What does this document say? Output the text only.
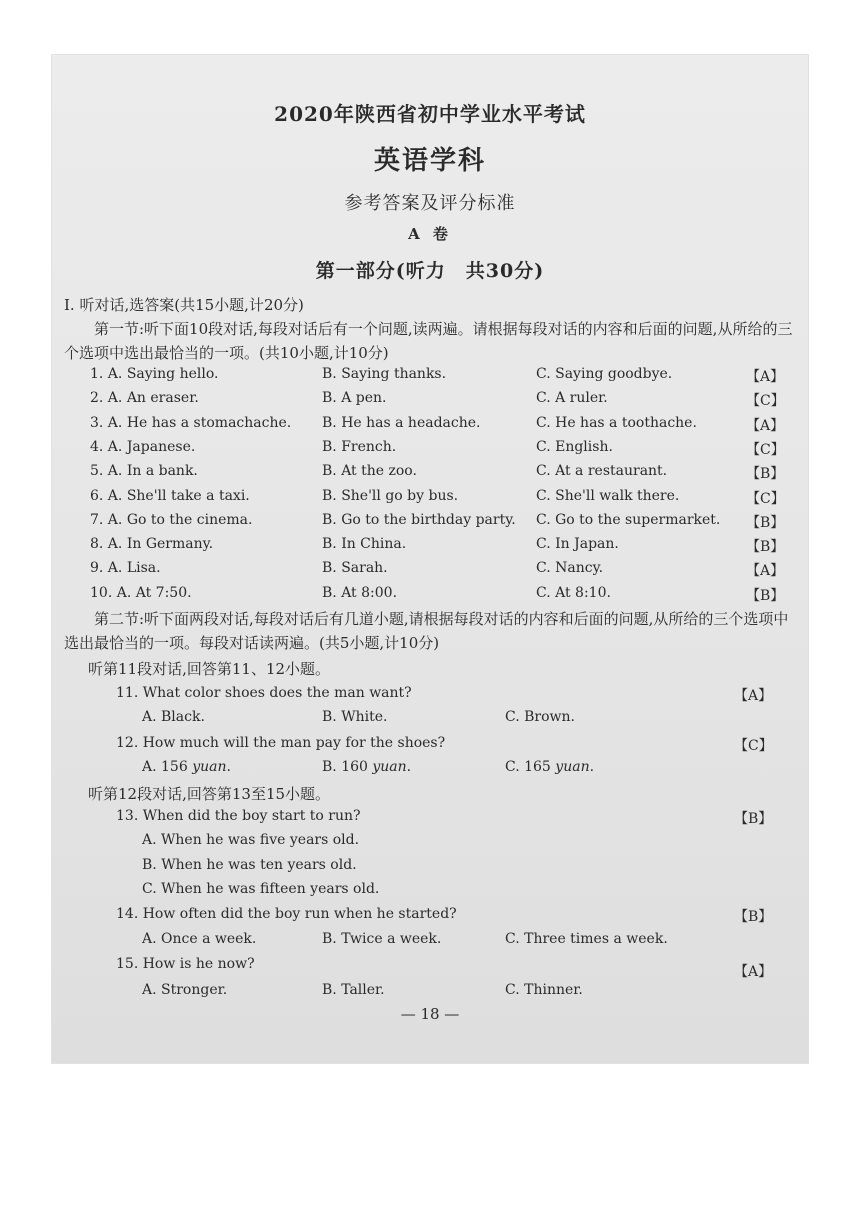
2020年陕西省初中学业水平考试
英语学科
参考答案及评分标准
A 卷
第一部分(听力　共30分)
Ⅰ. 听对话,选答案(共15小题,计20分)
第一节:听下面10段对话,每段对话后有一个问题,读两遍。请根据每段对话的内容和后面的问题,从所给的三个选项中选出最恰当的一项。(共10小题,计10分)
1. A. Saying hello.	B. Saying thanks.	C. Saying goodbye.	【A】
2. A. An eraser.	B. A pen.	C. A ruler.	【C】
3. A. He has a stomachache. B. He has a headache.	C. He has a toothache.	【A】
4. A. Japanese.	B. French.	C. English.	【C】
5. A. In a bank.	B. At the zoo.	C. At a restaurant.	【B】
6. A. She'll take a taxi.	B. She'll go by bus.	C. She'll walk there.	【C】
7. A. Go to the cinema.	B. Go to the birthday party. C. Go to the supermarket. 【B】
8. A. In Germany.	B. In China.	C. In Japan.	【B】
9. A. Lisa.	B. Sarah.	C. Nancy.	【A】
10. A. At 7:50.	B. At 8:00.	C. At 8:10.	【B】
第二节:听下面两段对话,每段对话后有几道小题,请根据每段对话的内容和后面的问题,从所给的三个选项中选出最恰当的一项。每段对话读两遍。(共5小题,计10分)
听第11段对话,回答第11、12小题。
11. What color shoes does the man want?	【A】
A. Black.	B. White.	C. Brown.
12. How much will the man pay for the shoes?	【C】
A. 156 yuan.	B. 160 yuan.	C. 165 yuan.
听第12段对话,回答第13至15小题。
13. When did the boy start to run?	【B】
A. When he was five years old.
B. When he was ten years old.
C. When he was fifteen years old.
14. How often did the boy run when he started?	【B】
A. Once a week.	B. Twice a week.	C. Three times a week.
15. How is he now?	【A】
A. Stronger.	B. Taller.	C. Thinner.
— 18 —
